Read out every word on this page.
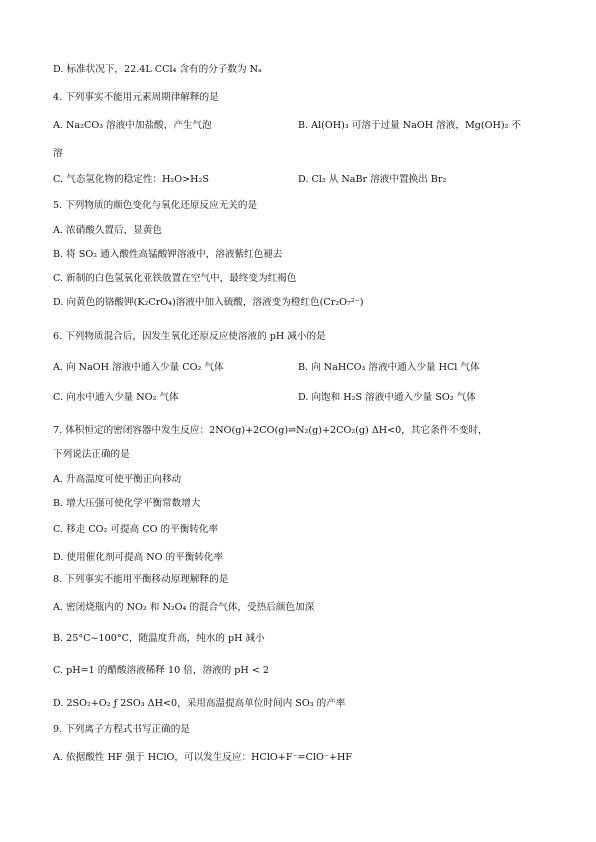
D. 标准状况下，22.4L CCl₄ 含有的分子数为 Nₐ
4. 下列事实不能用元素周期律解释的是
A. Na₂CO₃ 溶液中加盐酸，产生气泡	B. Al(OH)₃ 可溶于过量 NaOH 溶液，Mg(OH)₂ 不
溶
C. 气态氢化物的稳定性：H₂O>H₂S	D. Cl₂ 从 NaBr 溶液中置换出 Br₂
5. 下列物质的颜色变化与氧化还原反应无关的是
A. 浓硝酸久置后，显黄色
B. 将 SO₂ 通入酸性高锰酸钾溶液中，溶液紫红色褪去
C. 新制的白色氢氧化亚铁放置在空气中，最终变为红褐色
D. 向黄色的铬酸钾(K₂CrO₄)溶液中加入硫酸，溶液变为橙红色(Cr₂O₇²⁻)
6. 下列物质混合后，因发生氧化还原反应使溶液的 pH 减小的是
A. 向 NaOH 溶液中通入少量 CO₂ 气体	B. 向 NaHCO₃ 溶液中通入少量 HCl 气体
C. 向水中通入少量 NO₂ 气体	D. 向饱和 H₂S 溶液中通入少量 SO₂ 气体
7. 体积恒定的密闭容器中发生反应：2NO(g)+2CO(g)⇌N₂(g)+2CO₂(g) ΔH<0，其它条件不变时，
下列说法正确的是
A. 升高温度可使平衡正向移动
B. 增大压强可使化学平衡常数增大
C. 移走 CO₂ 可提高 CO 的平衡转化率
D. 使用催化剂可提高 NO 的平衡转化率
8. 下列事实不能用平衡移动原理解释的是
A. 密闭烧瓶内的 NO₂ 和 N₂O₄ 的混合气体，受热后颜色加深
B. 25°C~100°C，随温度升高，纯水的 pH 减小
C. pH=1 的醋酸溶液稀释 10 倍，溶液的 pH < 2
D. 2SO₂+O₂ ƒ 2SO₃ ΔH<0，采用高温提高单位时间内 SO₃ 的产率
9. 下列离子方程式书写正确的是
A. 依据酸性 HF 强于 HClO，可以发生反应：HClO+F⁻=ClO⁻+HF
